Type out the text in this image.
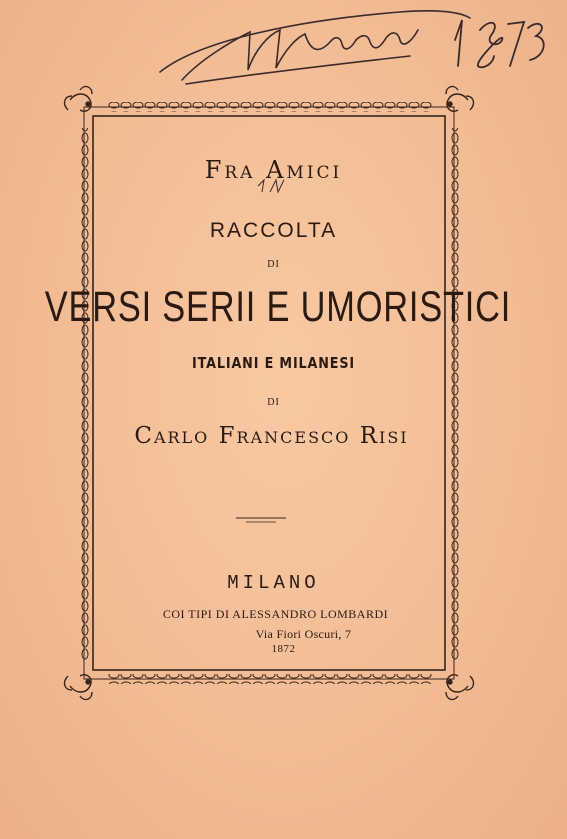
Fra Amici
RACCOLTA
DI
VERSI SERII E UMORISTICI
ITALIANI E MILANESI
DI
Carlo Francesco Risi
MILANO
COI TIPI DI ALESSANDRO LOMBARDI
Via Fiori Oscuri, 7
1872
